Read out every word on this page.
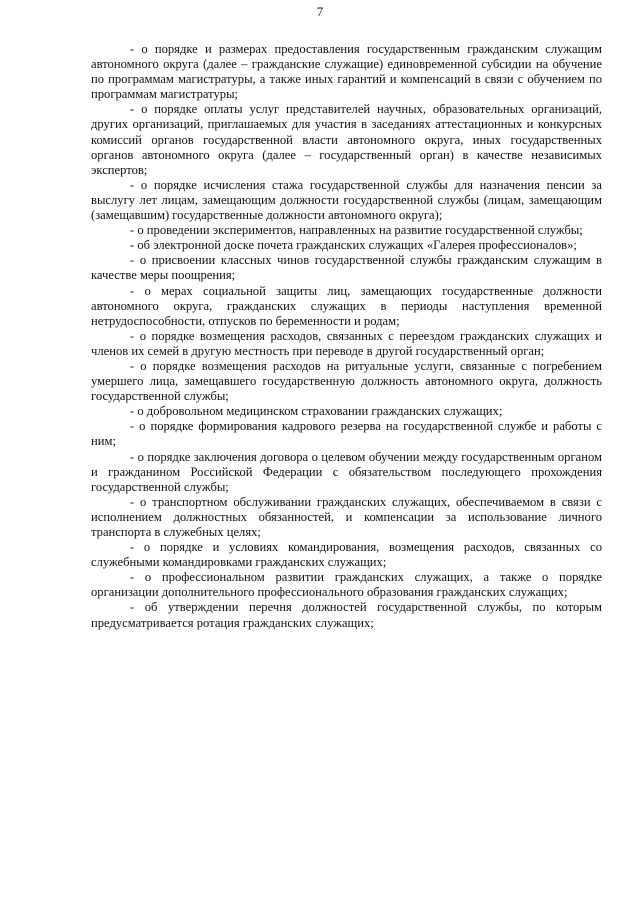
7

- о порядке и размерах предоставления государственным гражданским служащим автономного округа (далее – гражданские служащие) единовременной субсидии на обучение по программам магистратуры, а также иных гарантий и компенсаций в связи с обучением по программам магистратуры;

- о порядке оплаты услуг представителей научных, образовательных организаций, других организаций, приглашаемых для участия в заседаниях аттестационных и конкурсных комиссий органов государственной власти автономного округа, иных государственных органов автономного округа (далее – государственный орган) в качестве независимых экспертов;

- о порядке исчисления стажа государственной службы для назначения пенсии за выслугу лет лицам, замещающим должности государственной службы (лицам, замещающим (замещавшим) государственные должности автономного округа);

- о проведении экспериментов, направленных на развитие государственной службы;

- об электронной доске почета гражданских служащих «Галерея профессионалов»;

- о присвоении классных чинов государственной службы гражданским служащим в качестве меры поощрения;

- о мерах социальной защиты лиц, замещающих государственные должности автономного округа, гражданских служащих в периоды наступления временной нетрудоспособности, отпусков по беременности и родам;

- о порядке возмещения расходов, связанных с переездом гражданских служащих и членов их семей в другую местность при переводе в другой государственный орган;

- о порядке возмещения расходов на ритуальные услуги, связанные с погребением умершего лица, замещавшего государственную должность автономного округа, должность государственной службы;

- о добровольном медицинском страховании гражданских служащих;

- о порядке формирования кадрового резерва на государственной службе и работы с ним;

- о порядке заключения договора о целевом обучении между государственным органом и гражданином Российской Федерации с обязательством последующего прохождения государственной службы;

- о транспортном обслуживании гражданских служащих, обеспечиваемом в связи с исполнением должностных обязанностей, и компенсации за использование личного транспорта в служебных целях;

- о порядке и условиях командирования, возмещения расходов, связанных со служебными командировками гражданских служащих;

- о профессиональном развитии гражданских служащих, а также о порядке организации дополнительного профессионального образования гражданских служащих;

- об утверждении перечня должностей государственной службы, по которым предусматривается ротация гражданских служащих;
